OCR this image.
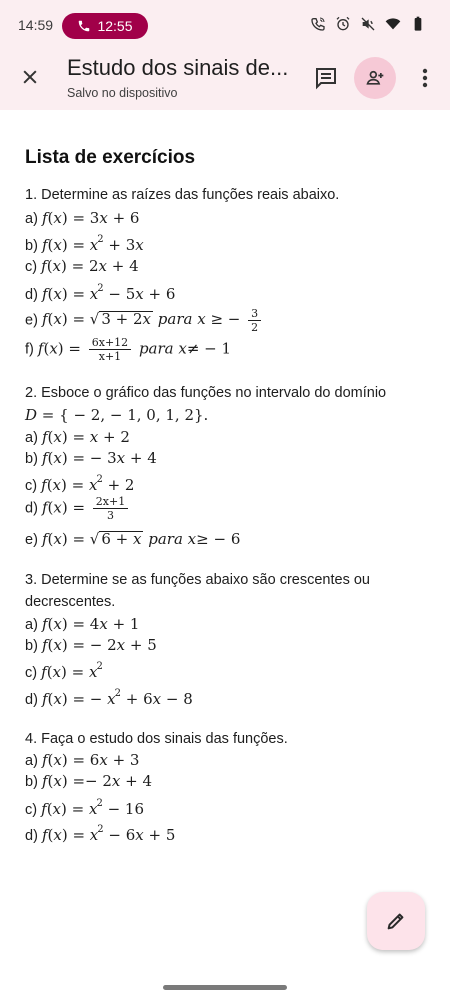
14:59	12:55
Estudo dos sinais de...
Salvo no dispositivo
Lista de exercícios
1. Determine as raízes das funções reais abaixo.
a) f(x) = 3x + 6
b) $f(x) = x^2 + 3x$
c) f(x) = 2x + 4
d) $f(x) = x^2 - 5x + 6$
e) f(x) = √ 3 + 2x para x ≥ − $\frac{3}{2}$
f) $f(x) = \frac{6x+12}{x+1}$ para x≠ − 1
2. Esboce o gráfico das funções no intervalo do domínio
D = { − 2, − 1, 0, 1, 2}.
a) f(x) = x + 2
b) f(x) = − 3x + 4
c) $f(x) = x^2 + 2$
d) $f(x) = \frac{2x+1}{3}$
e) f(x) = √ 6 + x para x≥ − 6
3. Determine se as funções abaixo são crescentes ou
decrescentes.
a) f(x) = 4x + 1
b) f(x) = − 2x + 5
c) $f(x) = x^2$
d) f(x) = − $x^2 + 6x - 8$
4. Faça o estudo dos sinais das funções.
a) f(x) = 6x + 3
b) f(x) =− 2x + 4
c) $f(x) = x^2 - 16$
d) $f(x) = x^2 - 6x + 5$
